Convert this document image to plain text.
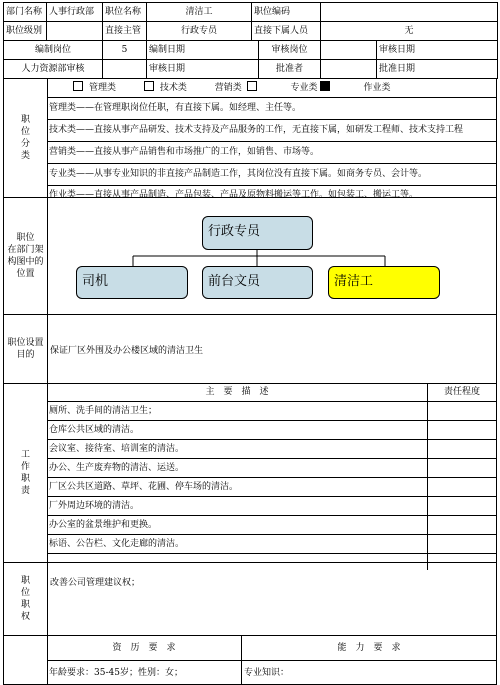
部门名称	人事行政部	职位名称	清洁工	职位编码	
职位级别		直接主管	行政专员	直接下属人员	无
编制岗位	5	编制日期	审核岗位		审核日期
人力资源部审核		审核日期	批准者		批准日期
职
位
分
类
管理类	技术类	营销类	专业类	作业类
管理类——在管理职岗位任职，有直接下属。如经理、主任等。
技术类——直接从事产品研发、技术支持及产品服务的工作，无直接下属，如研发工程师、技术支持工程
营销类——直接从事产品销售和市场推广的工作，如销售、市场等。
专业类——从事专业知识的非直接产品制造工作，其岗位没有直接下属。如商务专员、会计等。
作业类——直接从事产品制造、产品包装、产品及原物料搬运等工作。如包装工、搬运工等。
职位
在部门架
构图中的
位置
行政专员
司机	前台文员	清洁工
职位设置
目的	保证厂区外围及办公楼区域的清洁卫生
工
作
职
责
主　要　描　述	责任程度
厕所、洗手间的清洁卫生；
仓库公共区域的清洁。
会议室、接待室、培训室的清洁。
办公、生产废弃物的清洁、运送。
厂区公共区道路、草坪、花圃、停车场的清洁。
厂外周边环境的清洁。
办公室的盆景维护和更换。
标语、公告栏、文化走廊的清洁。
职
位
职
权
改善公司管理建议权；
资　历　要　求	能　力　要　求
年龄要求：35-45岁；性别：女；	专业知识：
